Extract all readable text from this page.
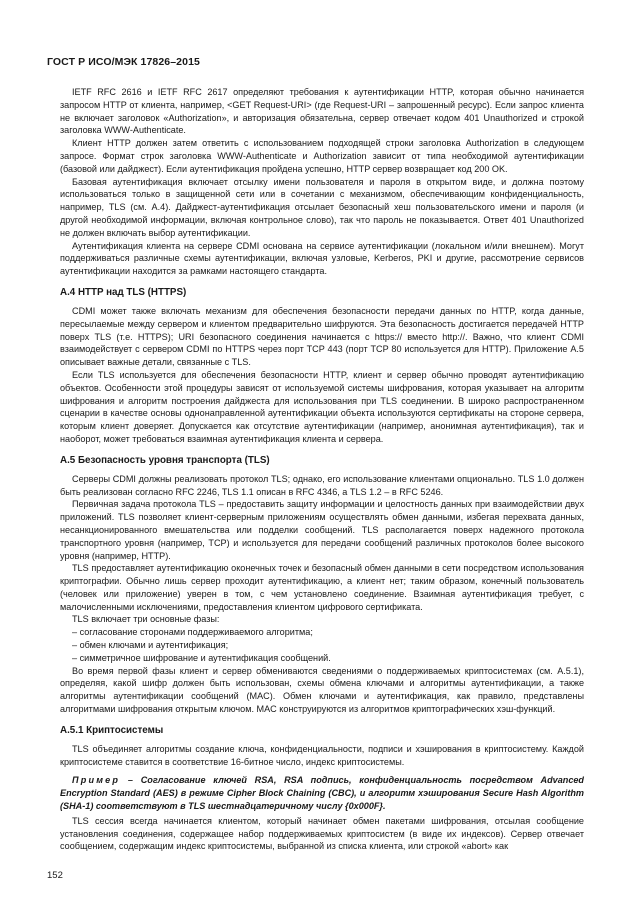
ГОСТ Р ИСО/МЭК 17826–2015

IETF RFC 2616 и IETF RFC 2617 определяют требования к аутентификации HTTP, которая обычно начинается запросом HTTP от клиента, например, <GET Request-URI> (где Request-URI – запрошенный ресурс). Если запрос клиента не включает заголовок «Authorization», и авторизация обязательна, сервер отвечает кодом 401 Unauthorized и строкой заголовка WWW-Authenticate.

Клиент HTTP должен затем ответить с использованием подходящей строки заголовка Authorization в следующем запросе. Формат строк заголовка WWW-Authenticate и Authorization зависит от типа необходимой аутентификации (базовой или дайджест). Если аутентификация пройдена успешно, HTTP сервер возвращает код 200 OK.

Базовая аутентификация включает отсылку имени пользователя и пароля в открытом виде, и должна поэтому использоваться только в защищенной сети или в сочетании с механизмом, обеспечивающим конфиденциальность, например, TLS (см. A.4). Дайджест-аутентификация отсылает безопасный хеш пользовательского имени и пароля (и другой необходимой информации, включая контрольное слово), так что пароль не показывается. Ответ 401 Unauthorized не должен включать выбор аутентификации.

Аутентификация клиента на сервере CDMI основана на сервисе аутентификации (локальном и/или внешнем). Могут поддерживаться различные схемы аутентификации, включая узловые, Kerberos, PKI и другие, рассмотрение сервисов аутентификации находится за рамками настоящего стандарта.

A.4 HTTP над TLS (HTTPS)

CDMI может также включать механизм для обеспечения безопасности передачи данных по HTTP, когда данные, пересылаемые между сервером и клиентом предварительно шифруются. Эта безопасность достигается передачей HTTP поверх TLS (т.е. HTTPS); URI безопасного соединения начинается с https:// вместо http://. Важно, что клиент CDMI взаимодействует с сервером CDMI по HTTPS через порт TCP 443 (порт TCP 80 используется для HTTP). Приложение A.5 описывает важные детали, связанные с TLS.

Если TLS используется для обеспечения безопасности HTTP, клиент и сервер обычно проводят аутентификацию объектов. Особенности этой процедуры зависят от используемой системы шифрования, которая указывает на алгоритм шифрования и алгоритм построения дайджеста для использования при TLS соединении. В широко распространенном сценарии в качестве основы однонаправленной аутентификации объекта используются сертификаты на стороне сервера, которым клиент доверяет. Допускается как отсутствие аутентификации (например, анонимная аутентификация), так и наоборот, может требоваться взаимная аутентификация клиента и сервера.

A.5 Безопасность уровня транспорта (TLS)

Серверы CDMI должны реализовать протокол TLS; однако, его использование клиентами опционально. TLS 1.0 должен быть реализован согласно RFC 2246, TLS 1.1 описан в RFC 4346, а TLS 1.2 – в RFC 5246.

Первичная задача протокола TLS – предоставить защиту информации и целостность данных при взаимодействии двух приложений. TLS позволяет клиент-серверным приложениям осуществлять обмен данными, избегая перехвата данных, несанкционированного вмешательства или подделки сообщений. TLS располагается поверх надежного протокола транспортного уровня (например, TCP) и используется для передачи сообщений различных протоколов более высокого уровня (например, HTTP).

TLS предоставляет аутентификацию оконечных точек и безопасный обмен данными в сети посредством использования криптографии. Обычно лишь сервер проходит аутентификацию, а клиент нет; таким образом, конечный пользователь (человек или приложение) уверен в том, с чем установлено соединение. Взаимная аутентификация требует, с малочисленными исключениями, предоставления клиентом цифрового сертификата.

TLS включает три основные фазы:

– согласование сторонами поддерживаемого алгоритма;
– обмен ключами и аутентификация;
– симметричное шифрование и аутентификация сообщений.

Во время первой фазы клиент и сервер обмениваются сведениями о поддерживаемых криптосистемах (см. A.5.1), определяя, какой шифр должен быть использован, схемы обмена ключами и алгоритмы аутентификации, а также алгоритмы аутентификации сообщений (MAC). Обмен ключами и аутентификация, как правило, представлены алгоритмами шифрования открытым ключом. MAC конструируются из алгоритмов криптографических хэш-функций.

A.5.1 Криптосистемы

TLS объединяет алгоритмы создание ключа, конфиденциальности, подписи и хэширования в криптосистему. Каждой криптосистеме ставится в соответствие 16-битное число, индекс криптосистемы.

Пример – Согласование ключей RSA, RSA подпись, конфиденциальность посредством Advanced Encryption Standard (AES) в режиме Cipher Block Chaining (CBC), и алгоритм хэширования Secure Hash Algorithm (SHA-1) соответствуют в TLS шестнадцатеричному числу {0x000F}.

TLS сессия всегда начинается клиентом, который начинает обмен пакетами шифрования, отсылая сообщение установления соединения, содержащее набор поддерживаемых криптосистем (в виде их индексов). Сервер отвечает сообщением, содержащим индекс криптосистемы, выбранной из списка клиента, или строкой «abort» как

152
